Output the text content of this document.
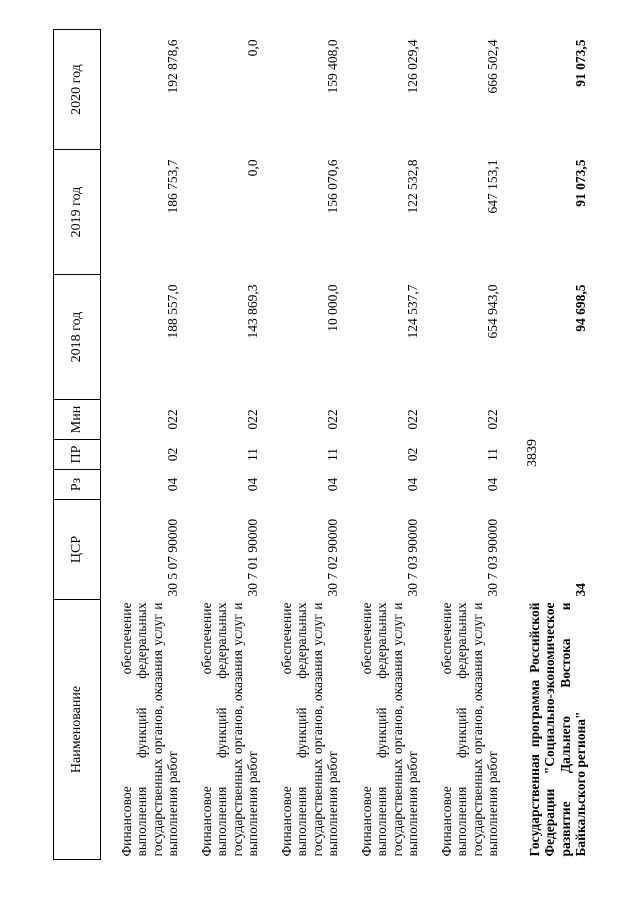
3839
Наименование	ЦСР	Рз	ПР	Мин	2018 год	2019 год	2020 год

Финансовое
обеспечение выполнения функций федеральных государственных органов, оказания услуг и выполнения работ	30 5 07 90000	04	02	022	188 557,0	186 753,7	192 878,6

Финансовое
обеспечение выполнения функций федеральных государственных органов, оказания услуг и выполнения работ	30 7 01 90000	04	11	022	143 869,3	0,0	0,0

Финансовое
обеспечение выполнения функций федеральных государственных органов, оказания услуг и выполнения работ	30 7 02 90000	04	11	022	10 000,0	156 070,6	159 408,0

Финансовое
обеспечение выполнения функций федеральных государственных органов, оказания услуг и выполнения работ	30 7 03 90000	04	02	022	124 537,7	122 532,8	126 029,4

Финансовое
обеспечение выполнения функций федеральных государственных органов, оказания услуг и выполнения работ	30 7 03 90000	04	11	022	654 943,0	647 153,1	666 502,4
Государственная программа Российской Федерации "Социально-экономическое развитие Дальнего Востока и Байкальского региона"	34				94 698,5	91 073,5	91 073,5
